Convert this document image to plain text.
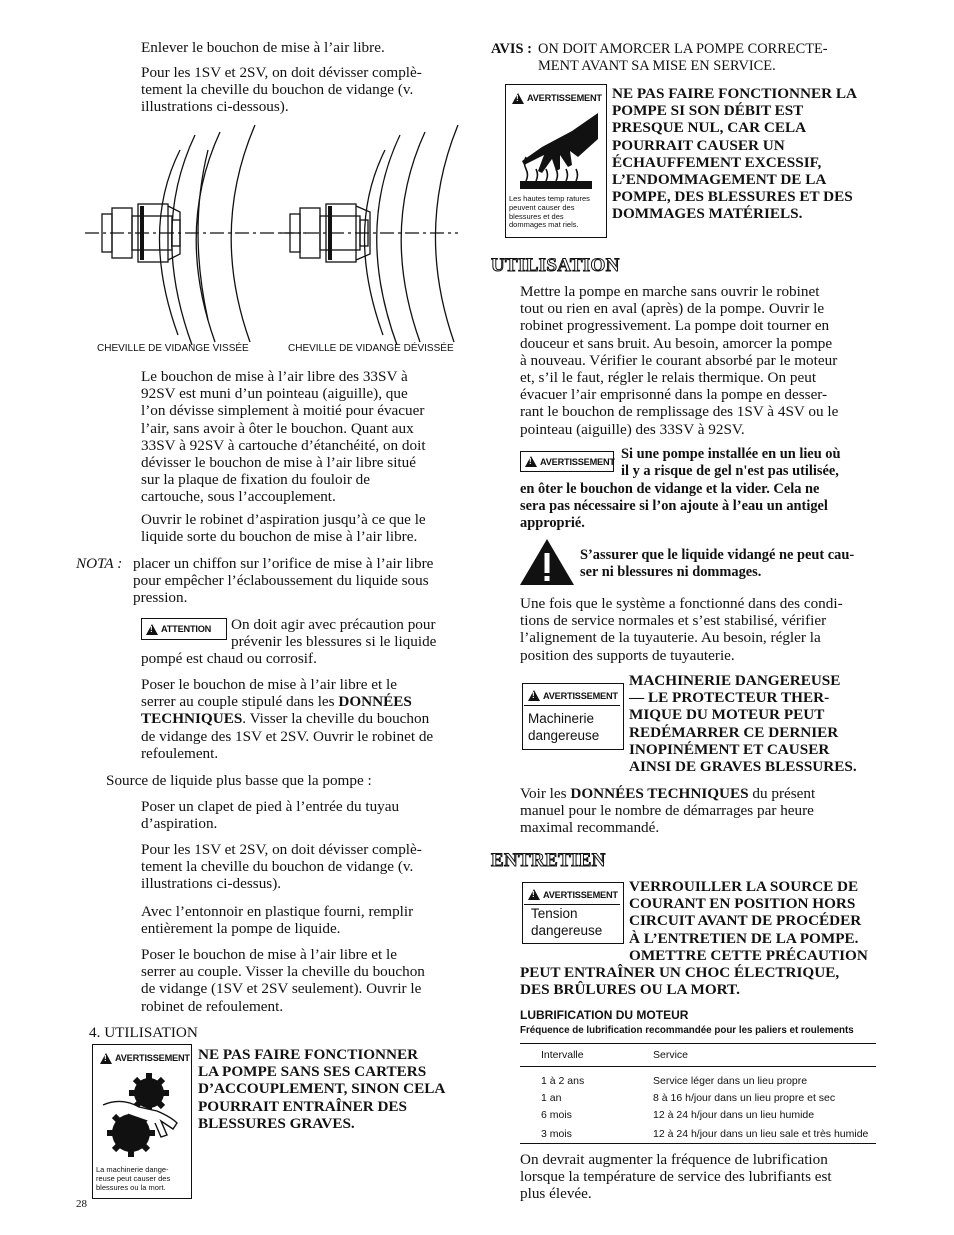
Enlever le bouchon de mise à l’air libre.
Pour les 1SV et 2SV, on doit dévisser complè-
tement la cheville du bouchon de vidange (v.
illustrations ci-dessous).
CHEVILLE DE VIDANGE VISSÉE	CHEVILLE DE VIDANGE DÉVISSÉE
Le bouchon de mise à l’air libre des 33SV à
92SV est muni d’un pointeau (aiguille), que
l’on dévisse simplement à moitié pour évacuer
l’air, sans avoir à ôter le bouchon. Quant aux
33SV à 92SV à cartouche d’étanchéité, on doit
dévisser le bouchon de mise à l’air libre situé
sur la plaque de fixation du fouloir de
cartouche, sous l’accouplement.
Ouvrir le robinet d’aspiration jusqu’à ce que le
liquide sorte du bouchon de mise à l’air libre.
NOTA : placer un chiffon sur l’orifice de mise à l’air libre
pour empêcher l’éclaboussement du liquide sous
pression.
!
ATTENTION On doit agir avec précaution pour
prévenir les blessures si le liquide
pompé est chaud ou corrosif.
Poser le bouchon de mise à l’air libre et le
serrer au couple stipulé dans les DONNÉES
TECHNIQUES. Visser la cheville du bouchon
de vidange des 1SV et 2SV. Ouvrir le robinet de
refoulement.
Source de liquide plus basse que la pompe :
Poser un clapet de pied à l’entrée du tuyau
d’aspiration.
Pour les 1SV et 2SV, on doit dévisser complè-
tement la cheville du bouchon de vidange (v.
illustrations ci-dessus).
Avec l’entonnoir en plastique fourni, remplir
entièrement la pompe de liquide.
Poser le bouchon de mise à l’air libre et le
serrer au couple. Visser la cheville du bouchon
de vidange (1SV et 2SV seulement). Ouvrir le
robinet de refoulement.
4. UTILISATION
!
AVERTISSEMENT
La machinerie dange-
reuse peut causer des
blessures ou la mort.
NE PAS FAIRE FONCTIONNER
LA POMPE SANS SES CARTERS
D’ACCOUPLEMENT, SINON CELA
POURRAIT ENTRAÎNER DES
BLESSURES GRAVES.
28
AVIS : ON DOIT AMORCER LA POMPE CORRECTE-
MENT AVANT SA MISE EN SERVICE.
!
AVERTISSEMENT
Les hautes temp ratures
peuvent causer des
blessures et des
dommages mat riels.
NE PAS FAIRE FONCTIONNER LA
POMPE SI SON DÉBIT EST
PRESQUE NUL, CAR CELA
POURRAIT CAUSER UN
ÉCHAUFFEMENT EXCESSIF,
L’ENDOMMAGEMENT DE LA
POMPE, DES BLESSURES ET DES
DOMMAGES MATÉRIELS.
UTILISATION
Mettre la pompe en marche sans ouvrir le robinet
tout ou rien en aval (après) de la pompe. Ouvrir le
robinet progressivement. La pompe doit tourner en
douceur et sans bruit. Au besoin, amorcer la pompe
à nouveau. Vérifier le courant absorbé par le moteur
et, s’il le faut, régler le relais thermique. On peut
évacuer l’air emprisonné dans la pompe en desser-
rant le bouchon de remplissage des 1SV à 4SV ou le
pointeau (aiguille) des 33SV à 92SV.
!
AVERTISSEMENT Si une pompe installée en un lieu où
il y a risque de gel n'est pas utilisée,
en ôter le bouchon de vidange et la vider. Cela ne
sera pas nécessaire si l’on ajoute à l’eau un antigel
approprié.
S’assurer que le liquide vidangé ne peut cau-
ser ni blessures ni dommages.
Une fois que le système a fonctionné dans des condi-
tions de service normales et s’est stabilisé, vérifier
l’alignement de la tuyauterie. Au besoin, régler la
position des supports de tuyauterie.
!
AVERTISSEMENT
Machinerie
dangereuse
MACHINERIE DANGEREUSE
— LE PROTECTEUR THER-
MIQUE DU MOTEUR PEUT
REDÉMARRER CE DERNIER
INOPINÉMENT ET CAUSER
AINSI DE GRAVES BLESSURES.
Voir les DONNÉES TECHNIQUES du présent
manuel pour le nombre de démarrages par heure
maximal recommandé.
ENTRETIEN
!
AVERTISSEMENT
Tension
dangereuse
VERROUILLER LA SOURCE DE
COURANT EN POSITION HORS
CIRCUIT AVANT DE PROCÉDER
À L’ENTRETIEN DE LA POMPE.
OMETTRE CETTE PRÉCAUTION
PEUT ENTRAÎNER UN CHOC ÉLECTRIQUE,
DES BRÛLURES OU LA MORT.
LUBRIFICATION DU MOTEUR
Fréquence de lubrification recommandée pour les paliers et roulements
Intervalle	Service
1 à 2 ans
1 an
6 mois
3 mois
Service léger dans un lieu propre
8 à 16 h/jour dans un lieu propre et sec
12 à 24 h/jour dans un lieu humide
12 à 24 h/jour dans un lieu sale et très humide
On devrait augmenter la fréquence de lubrification
lorsque la température de service des lubrifiants est
plus élevée.
